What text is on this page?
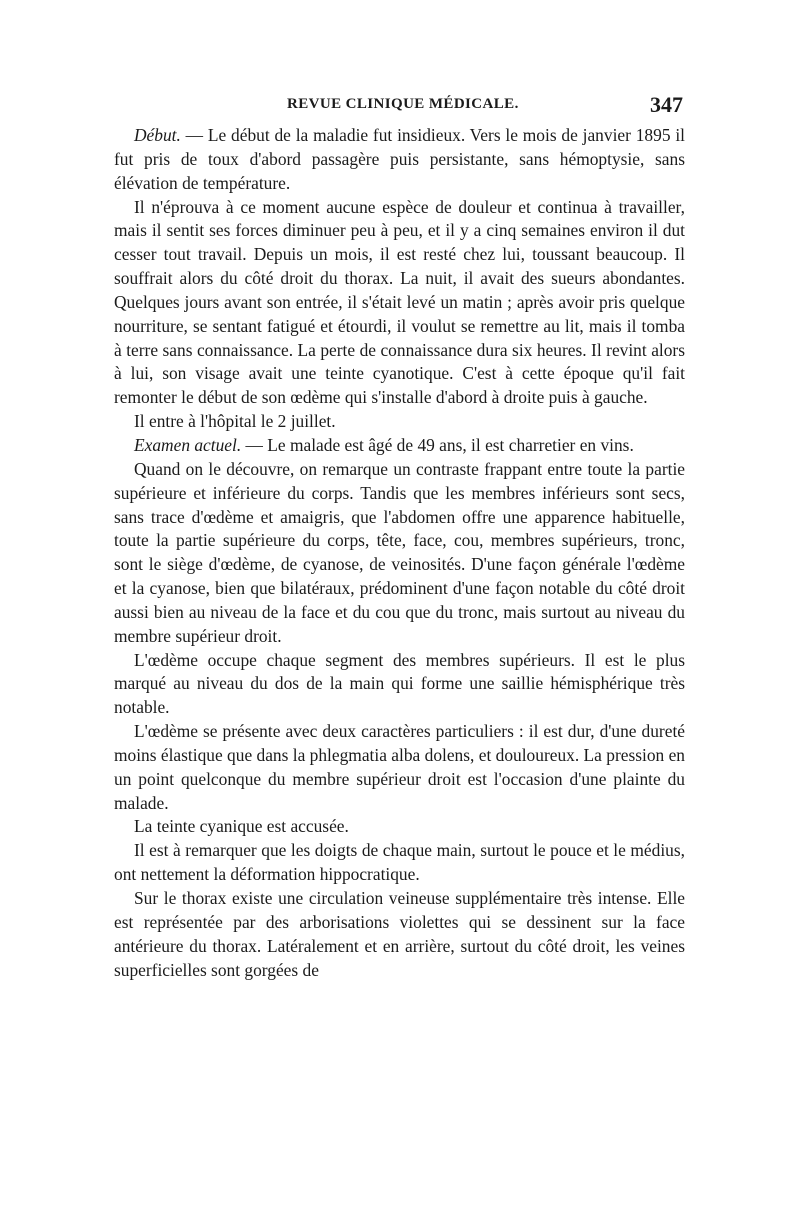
REVUE CLINIQUE MÉDICALE.	347

Début. — Le début de la maladie fut insidieux. Vers le mois de janvier 1895 il fut pris de toux d'abord passagère puis persistante, sans hémoptysie, sans élévation de température.

Il n'éprouva à ce moment aucune espèce de douleur et continua à travailler, mais il sentit ses forces diminuer peu à peu, et il y a cinq semaines environ il dut cesser tout travail. Depuis un mois, il est resté chez lui, toussant beaucoup. Il souffrait alors du côté droit du thorax. La nuit, il avait des sueurs abondantes. Quelques jours avant son entrée, il s'était levé un matin ; après avoir pris quelque nourriture, se sentant fatigué et étourdi, il voulut se remettre au lit, mais il tomba à terre sans connaissance. La perte de connaissance dura six heures. Il revint alors à lui, son visage avait une teinte cyanotique. C'est à cette époque qu'il fait remonter le début de son œdème qui s'installe d'abord à droite puis à gauche.

Il entre à l'hôpital le 2 juillet.

Examen actuel. — Le malade est âgé de 49 ans, il est charretier en vins.

Quand on le découvre, on remarque un contraste frappant entre toute la partie supérieure et inférieure du corps. Tandis que les membres inférieurs sont secs, sans trace d'œdème et amaigris, que l'abdomen offre une apparence habituelle, toute la partie supérieure du corps, tête, face, cou, membres supérieurs, tronc, sont le siège d'œdème, de cyanose, de veinosités. D'une façon générale l'œdème et la cyanose, bien que bilatéraux, prédominent d'une façon notable du côté droit aussi bien au niveau de la face et du cou que du tronc, mais surtout au niveau du membre supérieur droit.

L'œdème occupe chaque segment des membres supérieurs. Il est le plus marqué au niveau du dos de la main qui forme une saillie hémisphérique très notable.

L'œdème se présente avec deux caractères particuliers : il est dur, d'une dureté moins élastique que dans la phlegmatia alba dolens, et douloureux. La pression en un point quelconque du membre supérieur droit est l'occasion d'une plainte du malade.

La teinte cyanique est accusée.

Il est à remarquer que les doigts de chaque main, surtout le pouce et le médius, ont nettement la déformation hippocratique.

Sur le thorax existe une circulation veineuse supplémentaire très intense. Elle est représentée par des arborisations violettes qui se dessinent sur la face antérieure du thorax. Latéralement et en arrière, surtout du côté droit, les veines superficielles sont gorgées de
